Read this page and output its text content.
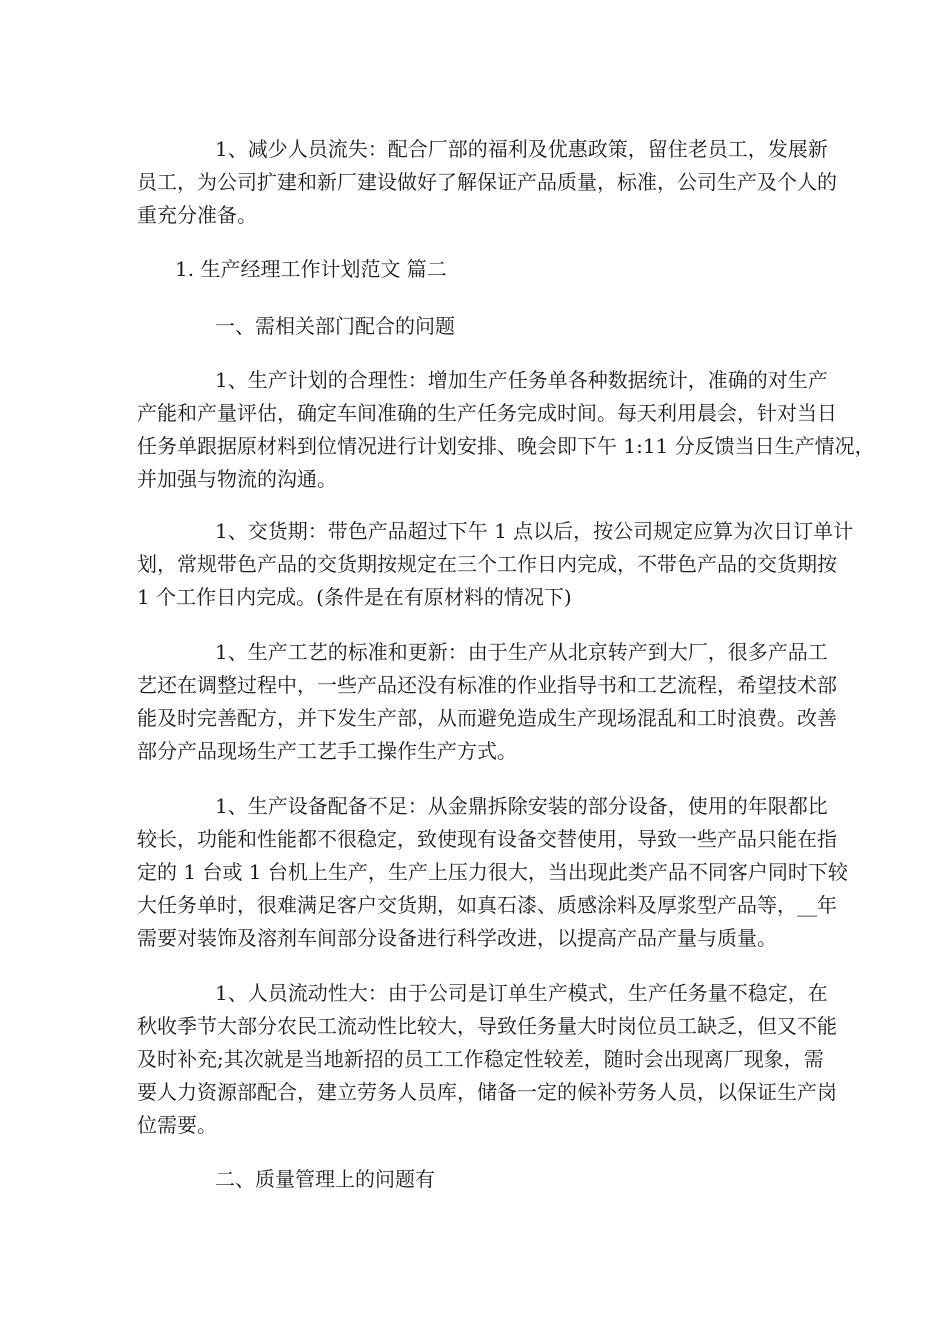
1、减少人员流失：配合厂部的福利及优惠政策，留住老员工，发展新
员工，为公司扩建和新厂建设做好了解保证产品质量，标准，公司生产及个人的
重充分准备。
1. 生产经理工作计划范文 篇二
一、需相关部门配合的问题
1、生产计划的合理性：增加生产任务单各种数据统计，准确的对生产
产能和产量评估，确定车间准确的生产任务完成时间。每天利用晨会，针对当日
任务单跟据原材料到位情况进行计划安排、晚会即下午 1:11 分反馈当日生产情况，
并加强与物流的沟通。
1、交货期：带色产品超过下午 1 点以后，按公司规定应算为次日订单计
划，常规带色产品的交货期按规定在三个工作日内完成，不带色产品的交货期按
1 个工作日内完成。(条件是在有原材料的情况下)
1、生产工艺的标准和更新：由于生产从北京转产到大厂，很多产品工
艺还在调整过程中，一些产品还没有标准的作业指导书和工艺流程，希望技术部
能及时完善配方，并下发生产部，从而避免造成生产现场混乱和工时浪费。改善
部分产品现场生产工艺手工操作生产方式。
1、生产设备配备不足：从金鼎拆除安装的部分设备，使用的年限都比
较长，功能和性能都不很稳定，致使现有设备交替使用，导致一些产品只能在指
定的 1 台或 1 台机上生产，生产上压力很大，当出现此类产品不同客户同时下较
大任务单时，很难满足客户交货期，如真石漆、质感涂料及厚浆型产品等，__年
需要对装饰及溶剂车间部分设备进行科学改进，以提高产品产量与质量。
1、人员流动性大：由于公司是订单生产模式，生产任务量不稳定，在
秋收季节大部分农民工流动性比较大，导致任务量大时岗位员工缺乏，但又不能
及时补充;其次就是当地新招的员工工作稳定性较差，随时会出现离厂现象，需
要人力资源部配合，建立劳务人员库，储备一定的候补劳务人员，以保证生产岗
位需要。
二、质量管理上的问题有
